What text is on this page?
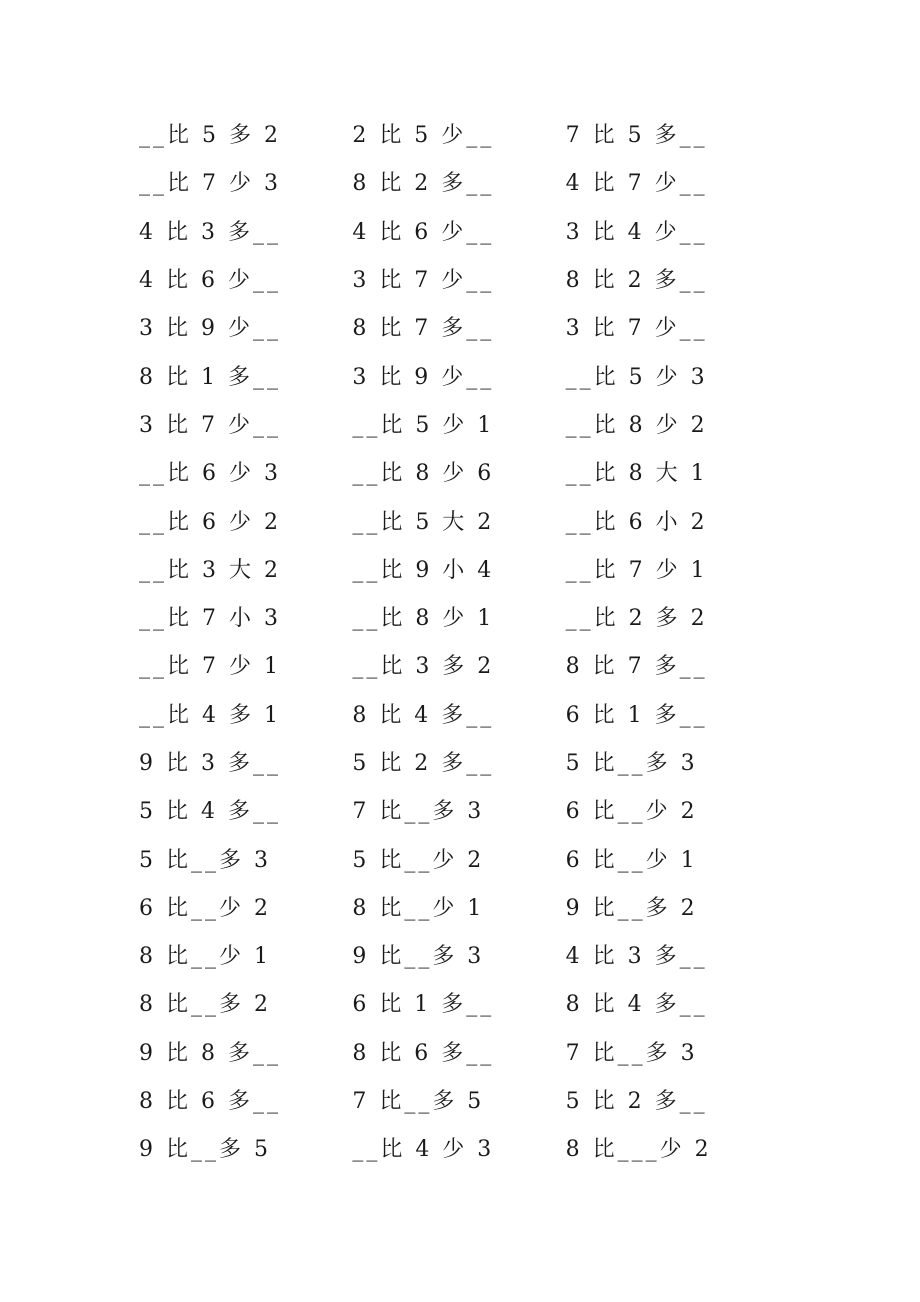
__比 5 多 2	2 比 5 少__	7 比 5 多__
__比 7 少 3	8 比 2 多__	4 比 7 少__
4 比 3 多__	4 比 6 少__	3 比 4 少__
4 比 6 少__	3 比 7 少__	8 比 2 多__
3 比 9 少__	8 比 7 多__	3 比 7 少__
8 比 1 多__	3 比 9 少__	__比 5 少 3
3 比 7 少__	__比 5 少 1	__比 8 少 2
__比 6 少 3	__比 8 少 6	__比 8 大 1
__比 6 少 2	__比 5 大 2	__比 6 小 2
__比 3 大 2	__比 9 小 4	__比 7 少 1
__比 7 小 3	__比 8 少 1	__比 2 多 2
__比 7 少 1	__比 3 多 2	8 比 7 多__
__比 4 多 1	8 比 4 多__	6 比 1 多__
9 比 3 多__	5 比 2 多__	5 比__多 3
5 比 4 多__	7 比__多 3	6 比__少 2
5 比__多 3	5 比__少 2	6 比__少 1
6 比__少 2	8 比__少 1	9 比__多 2
8 比__少 1	9 比__多 3	4 比 3 多__
8 比__多 2	6 比 1 多__	8 比 4 多__
9 比 8 多__	8 比 6 多__	7 比__多 3
8 比 6 多__	7 比__多 5	5 比 2 多__
9 比__多 5	__比 4 少 3	8 比___少 2
